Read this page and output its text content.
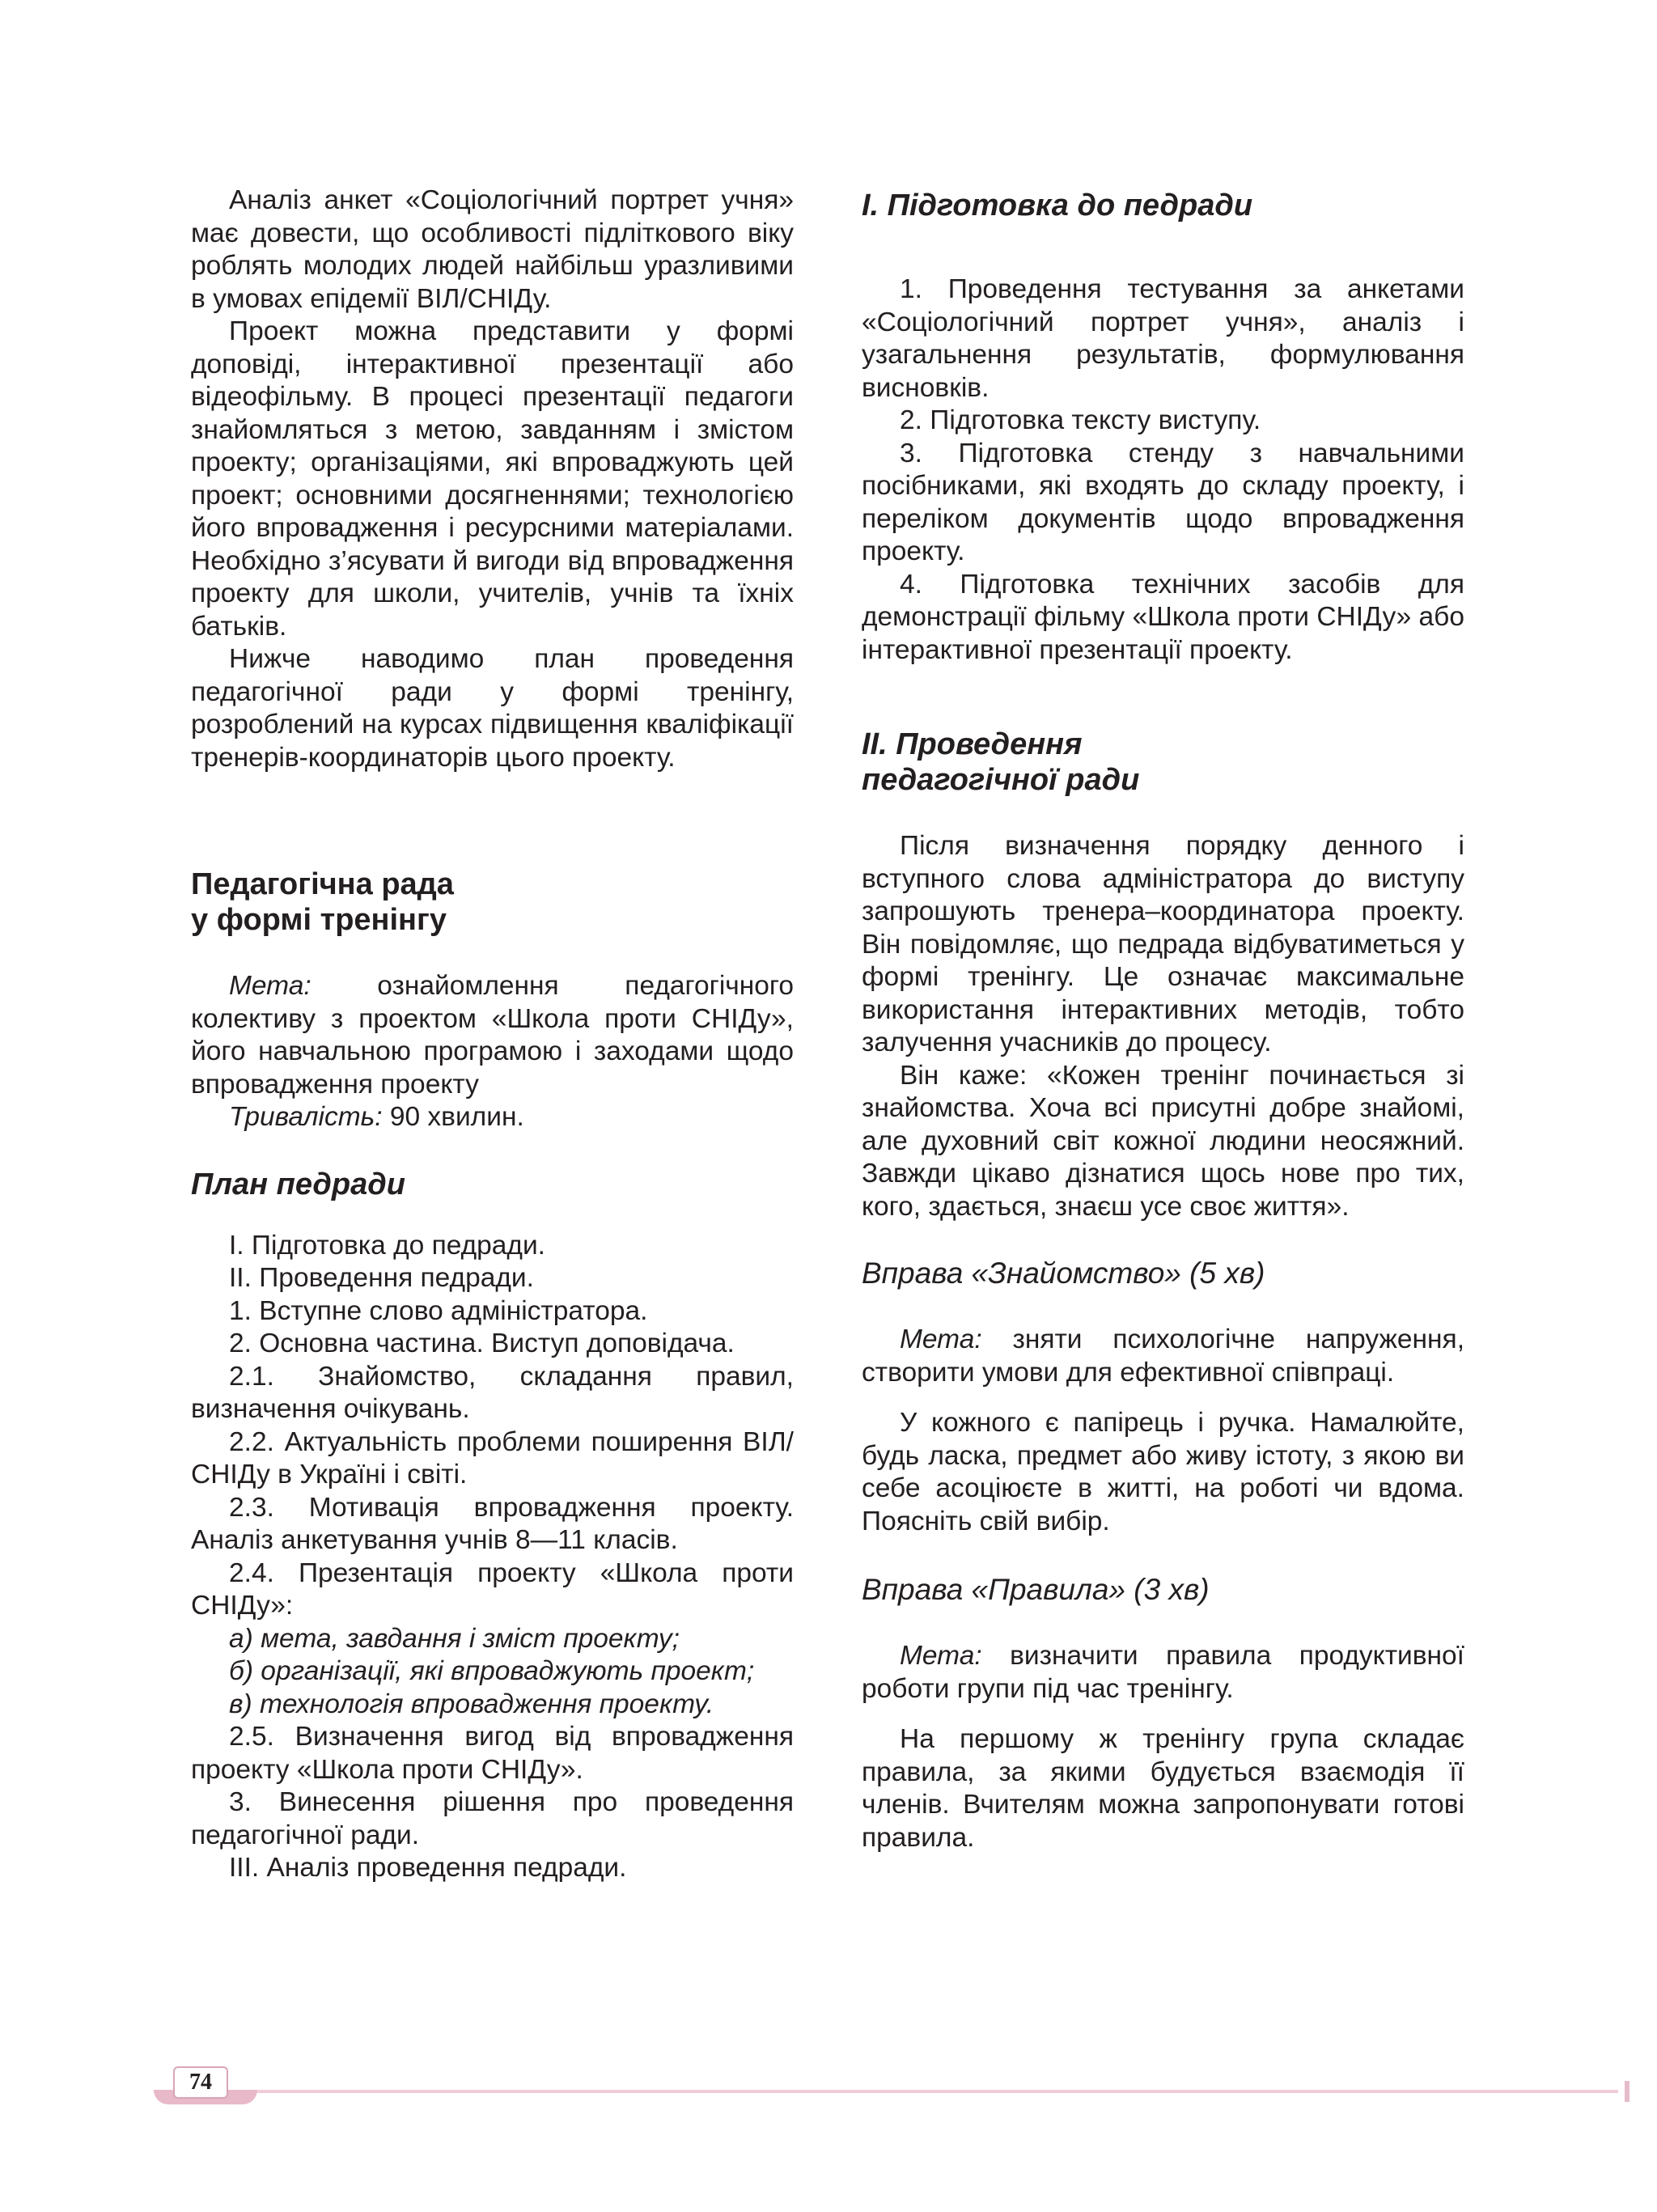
Аналіз анкет «Соціологічний портрет учня» має довести, що особливості підліткового віку роблять молодих людей найбільш уразливими в умовах епідемії ВІЛ/СНІДу.

Проект можна представити у формі доповіді, інтерактивної презентації або відеофільму. В процесі презентації педагоги знайомляться з метою, завданням і змістом проекту; організаціями, які впроваджують цей проект; основними досягненнями; технологією його впровадження і ресурсними матеріалами. Необхідно з’ясувати й вигоди від впровадження проекту для школи, учителів, учнів та їхніх батьків.

Нижче наводимо план проведення педагогічної ради у формі тренінгу, розроблений на курсах підвищення кваліфікації тренерів-координаторів цього проекту.

Педагогічна рада
у формі тренінгу

Мета: ознайомлення педагогічного колективу з проектом «Школа проти СНІДу», його навчальною програмою і заходами щодо впровадження проекту

Тривалість: 90 хвилин.

План педради

I. Підготовка до педради.

II. Проведення педради.

1. Вступне слово адміністратора.

2. Основна частина. Виступ доповідача.

2.1. Знайомство, складання правил, визначення очікувань.

2.2. Актуальність проблеми поширення ВІЛ/СНІДу в Україні і світі.

2.3. Мотивація впровадження проекту. Аналіз анкетування учнів 8—11 класів.

2.4. Презентація проекту «Школа проти СНІДу»:

а) мета, завдання і зміст проекту;

б) організації, які впроваджують проект;

в) технологія впровадження проекту.

2.5. Визначення вигод від впровадження проекту «Школа проти СНІДу».

3. Винесення рішення про проведення педагогічної ради.

III. Аналіз проведення педради.

I. Підготовка до педради

1. Проведення тестування за анкетами «Соціологічний портрет учня», аналіз і узагальнення результатів, формулювання висновків.

2. Підготовка тексту виступу.

3. Підготовка стенду з навчальними посібниками, які входять до складу проекту, і переліком документів щодо впровадження проекту.

4. Підготовка технічних засобів для демонстрації фільму «Школа проти СНІДу» або інтерактивної презентації проекту.

II. Проведення
педагогічної ради

Після визначення порядку денного і вступного слова адміністратора до виступу запрошують тренера–координатора проекту. Він повідомляє, що педрада відбуватиметься у формі тренінгу. Це означає максимальне використання інтерактивних методів, тобто залучення учасників до процесу.

Він каже: «Кожен тренінг починається зі знайомства. Хоча всі присутні добре знайомі, але духовний світ кожної людини неосяжний. Завжди цікаво дізнатися щось нове про тих, кого, здається, знаєш усе своє життя».

Вправа «Знайомство» (5 хв)

Мета: зняти психологічне напруження, створити умови для ефективної співпраці.

У кожного є папірець і ручка. Намалюйте, будь ласка, предмет або живу істоту, з якою ви себе асоціюєте в житті, на роботі чи вдома. Поясніть свій вибір.

Вправа «Правила» (3 хв)

Мета: визначити правила продуктивної роботи групи під час тренінгу.

На першому ж тренінгу група складає правила, за якими будується взаємодія її членів. Вчителям можна запропонувати готові правила.

74
